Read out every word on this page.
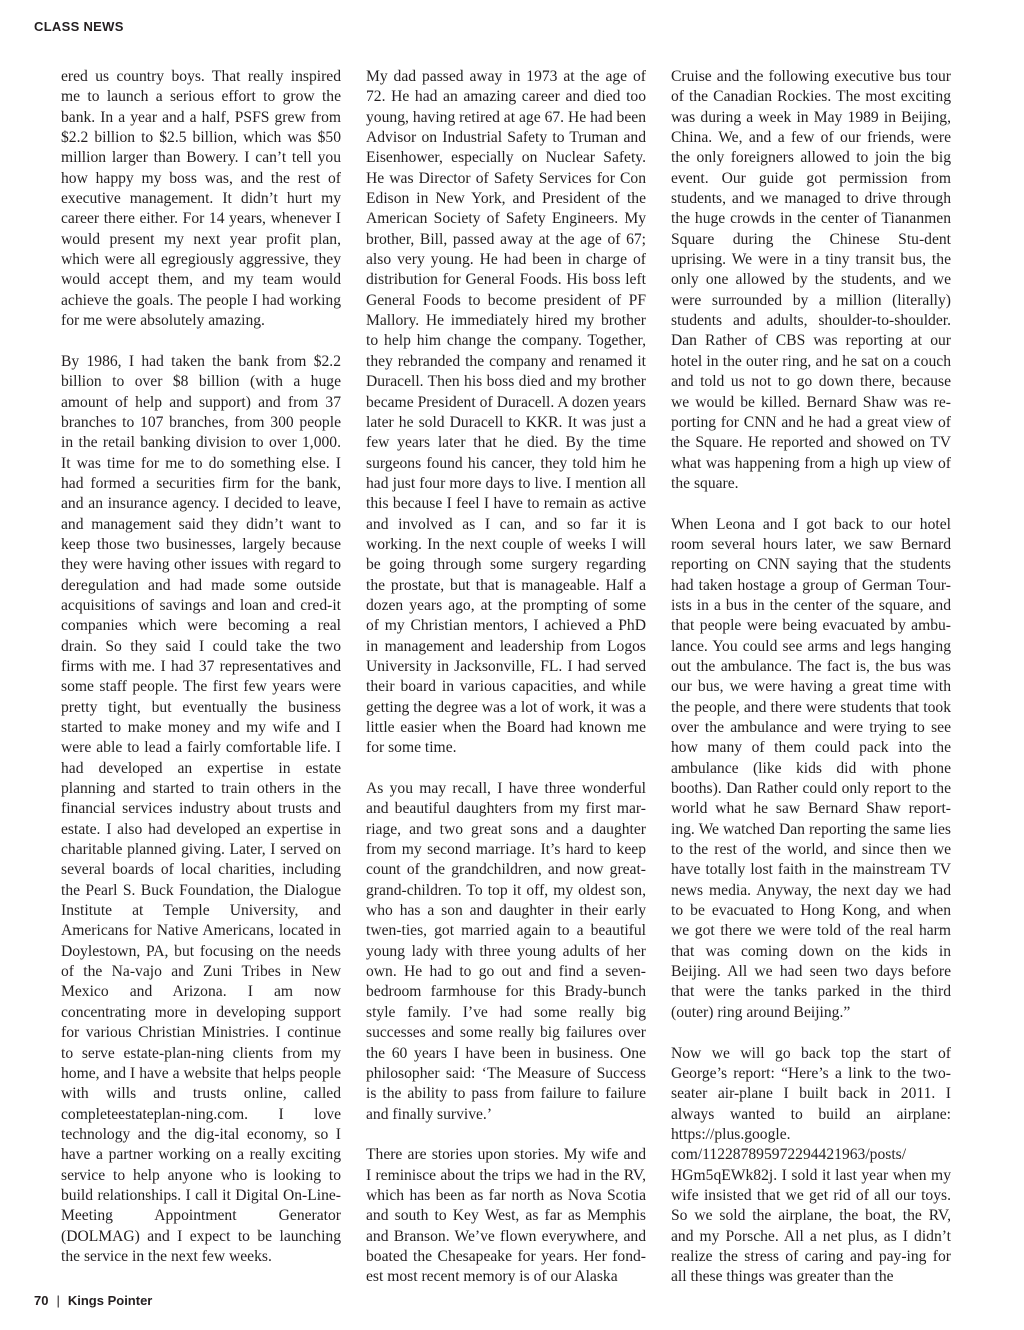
CLASS NEWS

ered us country boys. That really inspired me to launch a serious effort to grow the bank. In a year and a half, PSFS grew from $2.2 billion to $2.5 billion, which was $50 million larger than Bowery. I can’t tell you how happy my boss was, and the rest of executive management. It didn’t hurt my career there either. For 14 years, whenever I would present my next year profit plan, which were all egregiously aggressive, they would accept them, and my team would achieve the goals. The people I had working for me were absolutely amazing.

By 1986, I had taken the bank from $2.2 billion to over $8 billion (with a huge amount of help and support) and from 37 branches to 107 branches, from 300 people in the retail banking division to over 1,000. It was time for me to do something else. I had formed a securities firm for the bank, and an insurance agency. I decided to leave, and management said they didn’t want to keep those two businesses, largely because they were having other issues with regard to deregulation and had made some outside acquisitions of savings and loan and cred-it companies which were becoming a real drain. So they said I could take the two firms with me. I had 37 representatives and some staff people. The first few years were pretty tight, but eventually the business started to make money and my wife and I were able to lead a fairly comfortable life. I had developed an expertise in estate planning and started to train others in the financial services industry about trusts and estate. I also had developed an expertise in charitable planned giving. Later, I served on several boards of local charities, including the Pearl S. Buck Foundation, the Dialogue Institute at Temple University, and Americans for Native Americans, located in Doylestown, PA, but focusing on the needs of the Na-vajo and Zuni Tribes in New Mexico and Arizona. I am now concentrating more in developing support for various Christian Ministries. I continue to serve estate-plan-ning clients from my home, and I have a website that helps people with wills and trusts online, called completeestateplan-ning.com. I love technology and the dig-ital economy, so I have a partner working on a really exciting service to help anyone who is looking to build relationships. I call it Digital On-Line-Meeting Appointment Generator (DOLMAG) and I expect to be launching the service in the next few weeks.

My dad passed away in 1973 at the age of 72. He had an amazing career and died too young, having retired at age 67. He had been Advisor on Industrial Safety to Truman and Eisenhower, especially on Nuclear Safety. He was Director of Safety Services for Con Edison in New York, and President of the American Society of Safety Engineers. My brother, Bill, passed away at the age of 67; also very young. He had been in charge of distribution for General Foods. His boss left General Foods to become president of PF Mallory. He immediately hired my brother to help him change the company. Together, they rebranded the company and renamed it Duracell. Then his boss died and my brother became President of Duracell. A dozen years later he sold Duracell to KKR. It was just a few years later that he died. By the time surgeons found his cancer, they told him he had just four more days to live. I mention all this because I feel I have to remain as active and involved as I can, and so far it is working. In the next couple of weeks I will be going through some surgery regarding the prostate, but that is manageable. Half a dozen years ago, at the prompting of some of my Christian mentors, I achieved a PhD in management and leadership from Logos University in Jacksonville, FL. I had served their board in various capacities, and while getting the degree was a lot of work, it was a little easier when the Board had known me for some time.

As you may recall, I have three wonderful and beautiful daughters from my first mar-riage, and two great sons and a daughter from my second marriage. It’s hard to keep count of the grandchildren, and now great-grand-children. To top it off, my oldest son, who has a son and daughter in their early twen-ties, got married again to a beautiful young lady with three young adults of her own. He had to go out and find a seven-bedroom farmhouse for this Brady-bunch style family. I’ve had some really big successes and some really big failures over the 60 years I have been in business. One philosopher said: ‘The Measure of Success is the ability to pass from failure to failure and finally survive.’

There are stories upon stories. My wife and I reminisce about the trips we had in the RV, which has been as far north as Nova Scotia and south to Key West, as far as Memphis and Branson. We’ve flown everywhere, and boated the Chesapeake for years. Her fond-est most recent memory is of our Alaska

Cruise and the following executive bus tour of the Canadian Rockies. The most exciting was during a week in May 1989 in Beijing, China. We, and a few of our friends, were the only foreigners allowed to join the big event. Our guide got permission from students, and we managed to drive through the huge crowds in the center of Tiananmen Square during the Chinese Stu-dent uprising. We were in a tiny transit bus, the only one allowed by the students, and we were surrounded by a million (literally) students and adults, shoulder-to-shoulder. Dan Rather of CBS was reporting at our hotel in the outer ring, and he sat on a couch and told us not to go down there, because we would be killed. Bernard Shaw was re-porting for CNN and he had a great view of the Square. He reported and showed on TV what was happening from a high up view of the square.

When Leona and I got back to our hotel room several hours later, we saw Bernard reporting on CNN saying that the students had taken hostage a group of German Tour-ists in a bus in the center of the square, and that people were being evacuated by ambu-lance. You could see arms and legs hanging out the ambulance. The fact is, the bus was our bus, we were having a great time with the people, and there were students that took over the ambulance and were trying to see how many of them could pack into the ambulance (like kids did with phone booths). Dan Rather could only report to the world what he saw Bernard Shaw report-ing. We watched Dan reporting the same lies to the rest of the world, and since then we have totally lost faith in the mainstream TV news media. Anyway, the next day we had to be evacuated to Hong Kong, and when we got there we were told of the real harm that was coming down on the kids in Beijing. All we had seen two days before that were the tanks parked in the third (outer) ring around Beijing.”

Now we will go back top the start of George’s report: “Here’s a link to the two-seater air-plane I built back in 2011. I always wanted to build an airplane: https://plus.google. com/112287895972294421963/posts/ HGm5qEWk82j. I sold it last year when my wife insisted that we get rid of all our toys. So we sold the airplane, the boat, the RV, and my Porsche. All a net plus, as I didn’t realize the stress of caring and pay-ing for all these things was greater than the

70 | Kings Pointer
